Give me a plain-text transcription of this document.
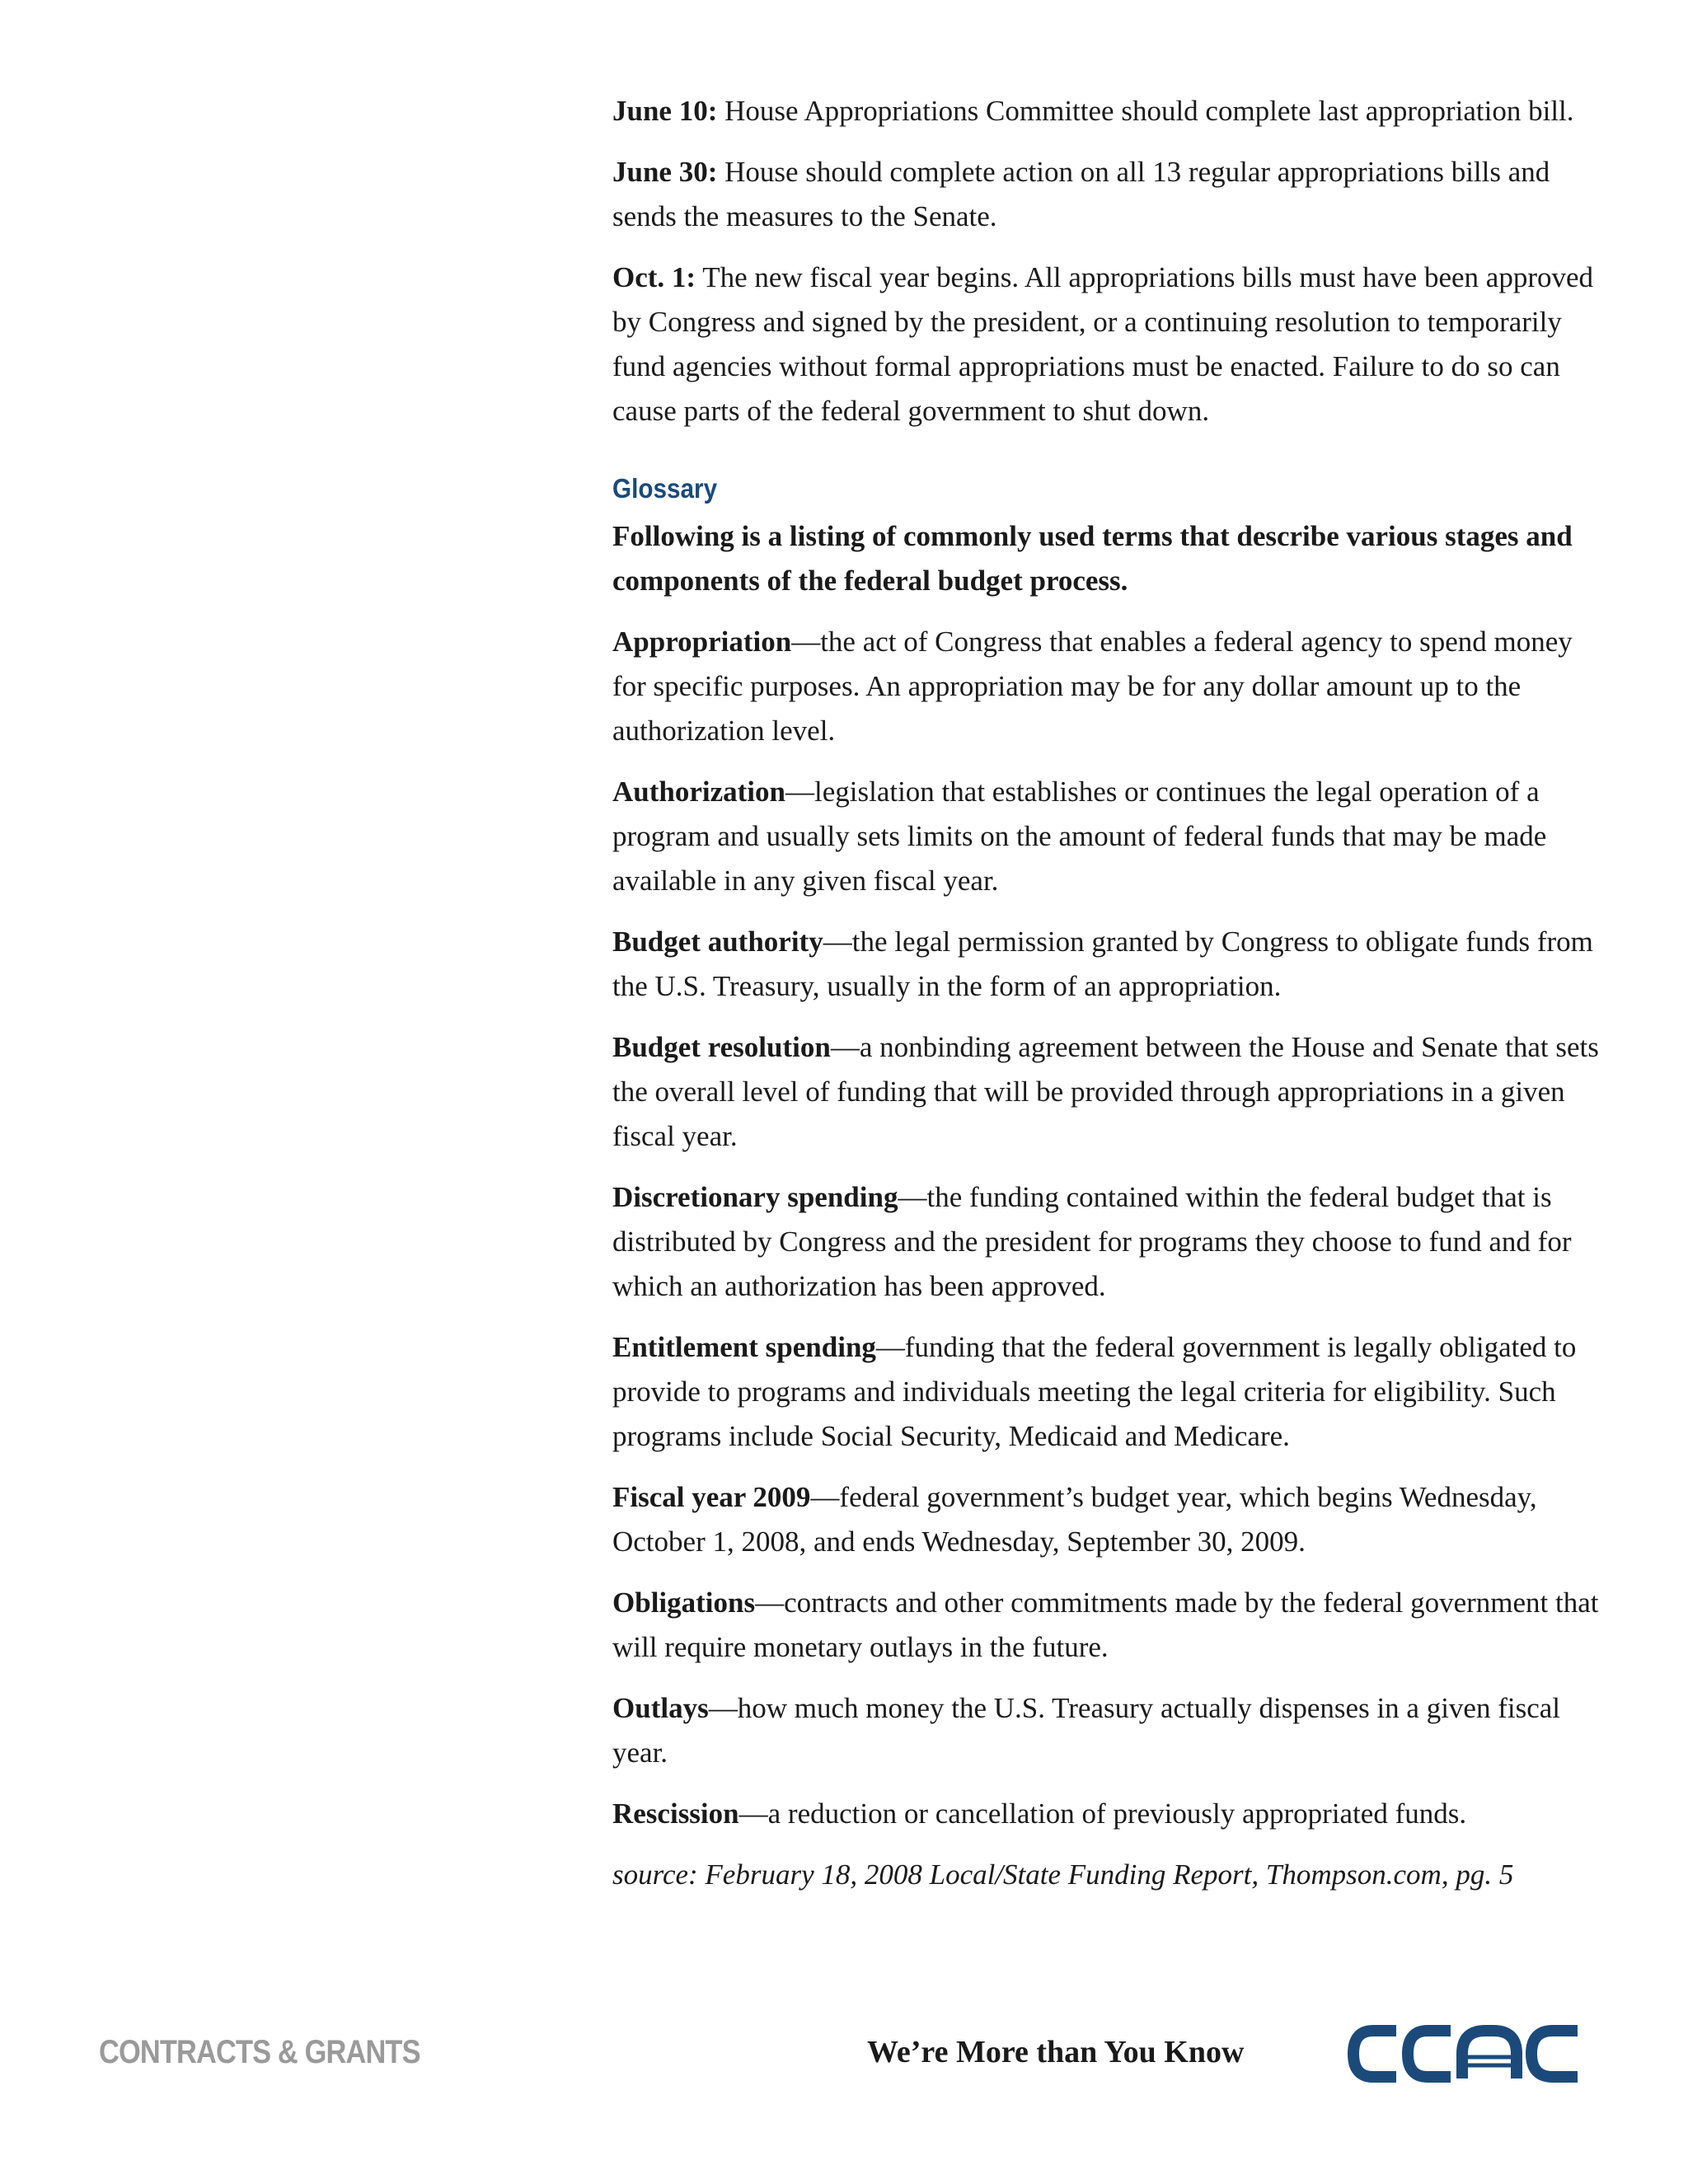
June 10: House Appropriations Committee should complete last appropriation bill.

June 30: House should complete action on all 13 regular appropriations bills and sends the measures to the Senate.

Oct. 1: The new fiscal year begins. All appropriations bills must have been approved by Congress and signed by the president, or a continuing resolution to temporarily fund agencies without formal appropriations must be enacted. Failure to do so can cause parts of the federal government to shut down.

Glossary

Following is a listing of commonly used terms that describe various stages and components of the federal budget process.

Appropriation—the act of Congress that enables a federal agency to spend money for specific purposes. An appropriation may be for any dollar amount up to the authorization level.

Authorization—legislation that establishes or continues the legal operation of a program and usually sets limits on the amount of federal funds that may be made available in any given fiscal year.

Budget authority—the legal permission granted by Congress to obligate funds from the U.S. Treasury, usually in the form of an appropriation.

Budget resolution—a nonbinding agreement between the House and Senate that sets the overall level of funding that will be provided through appropriations in a given fiscal year.

Discretionary spending—the funding contained within the federal budget that is distributed by Congress and the president for programs they choose to fund and for which an authorization has been approved.

Entitlement spending—funding that the federal government is legally obligated to provide to programs and individuals meeting the legal criteria for eligibility. Such programs include Social Security, Medicaid and Medicare.

Fiscal year 2009—federal government’s budget year, which begins Wednesday, October 1, 2008, and ends Wednesday, September 30, 2009.

Obligations—contracts and other commitments made by the federal government that will require monetary outlays in the future.

Outlays—how much money the U.S. Treasury actually dispenses in a given fiscal year.

Rescission—a reduction or cancellation of previously appropriated funds.

source: February 18, 2008 Local/State Funding Report, Thompson.com, pg. 5

CONTRACTS & GRANTS	We’re More than You Know
